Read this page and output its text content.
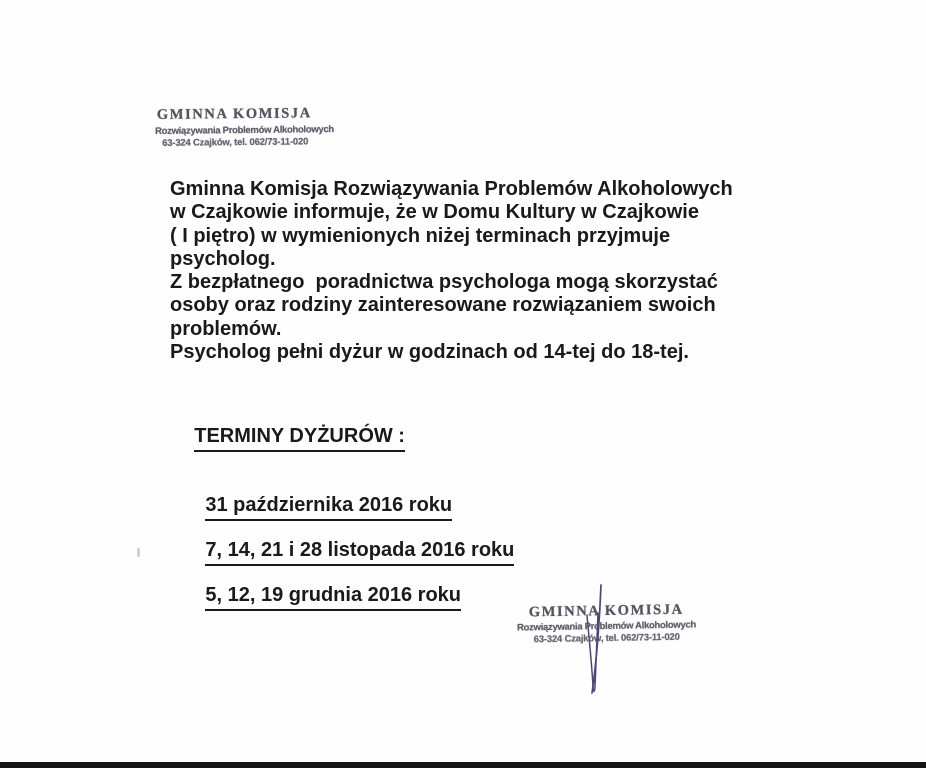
GMINNA KOMISJA
Rozwiązywania Problemów Alkoholowych
63-324 Czajków, tel. 062/73-11-020
Gminna Komisja Rozwiązywania Problemów Alkoholowych
w Czajkowie informuje, że w Domu Kultury w Czajkowie
( I piętro) w wymienionych niżej terminach przyjmuje
psycholog.
Z bezpłatnego  poradnictwa psychologa mogą skorzystać
osoby oraz rodziny zainteresowane rozwiązaniem swoich
problemów.
Psycholog pełni dyżur w godzinach od 14-tej do 18-tej.

TERMINY DYŻURÓW :

31 października 2016 roku

7, 14, 21 i 28 listopada 2016 roku

5, 12, 19 grudnia 2016 roku

GMINNA KOMISJA
Rozwiązywania Problemów Alkoholowych
63-324 Czajków, tel. 062/73-11-020
